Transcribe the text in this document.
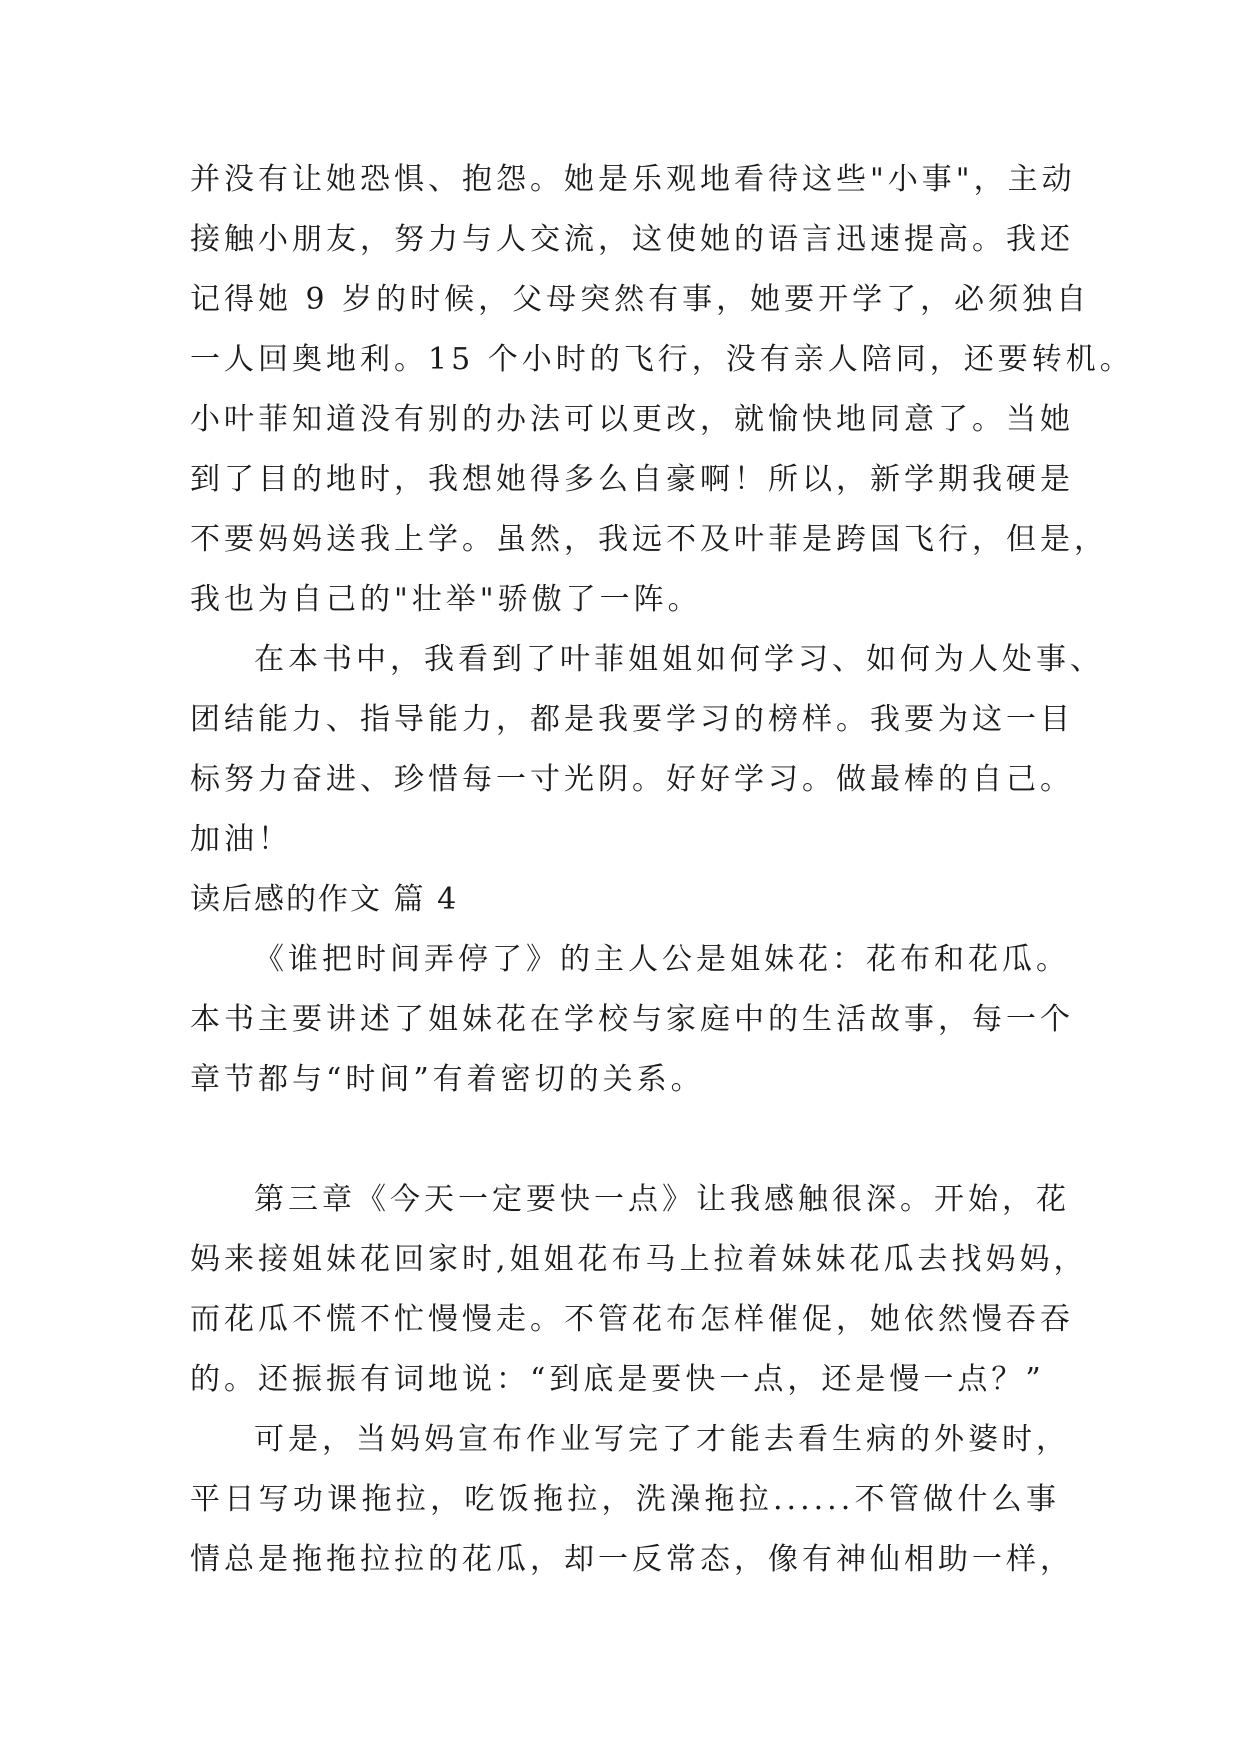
并没有让她恐惧、抱怨。她是乐观地看待这些"小事"，主动
接触小朋友，努力与人交流，这使她的语言迅速提高。我还
记得她 9 岁的时候，父母突然有事，她要开学了，必须独自
一人回奥地利。15 个小时的飞行，没有亲人陪同，还要转机。
小叶菲知道没有别的办法可以更改，就愉快地同意了。当她
到了目的地时，我想她得多么自豪啊！所以，新学期我硬是
不要妈妈送我上学。虽然，我远不及叶菲是跨国飞行，但是，
我也为自己的"壮举"骄傲了一阵。
在本书中，我看到了叶菲姐姐如何学习、如何为人处事、
团结能力、指导能力，都是我要学习的榜样。我要为这一目
标努力奋进、珍惜每一寸光阴。好好学习。做最棒的自己。
加油！
读后感的作文 篇 4
《谁把时间弄停了》的主人公是姐妹花：花布和花瓜。
本书主要讲述了姐妹花在学校与家庭中的生活故事，每一个
章节都与“时间”有着密切的关系。
第三章《今天一定要快一点》让我感触很深。开始，花
妈来接姐妹花回家时,姐姐花布马上拉着妹妹花瓜去找妈妈，
而花瓜不慌不忙慢慢走。不管花布怎样催促，她依然慢吞吞
的。还振振有词地说：“到底是要快一点，还是慢一点？”
可是，当妈妈宣布作业写完了才能去看生病的外婆时，
平日写功课拖拉，吃饭拖拉，洗澡拖拉......不管做什么事
情总是拖拖拉拉的花瓜，却一反常态，像有神仙相助一样，
